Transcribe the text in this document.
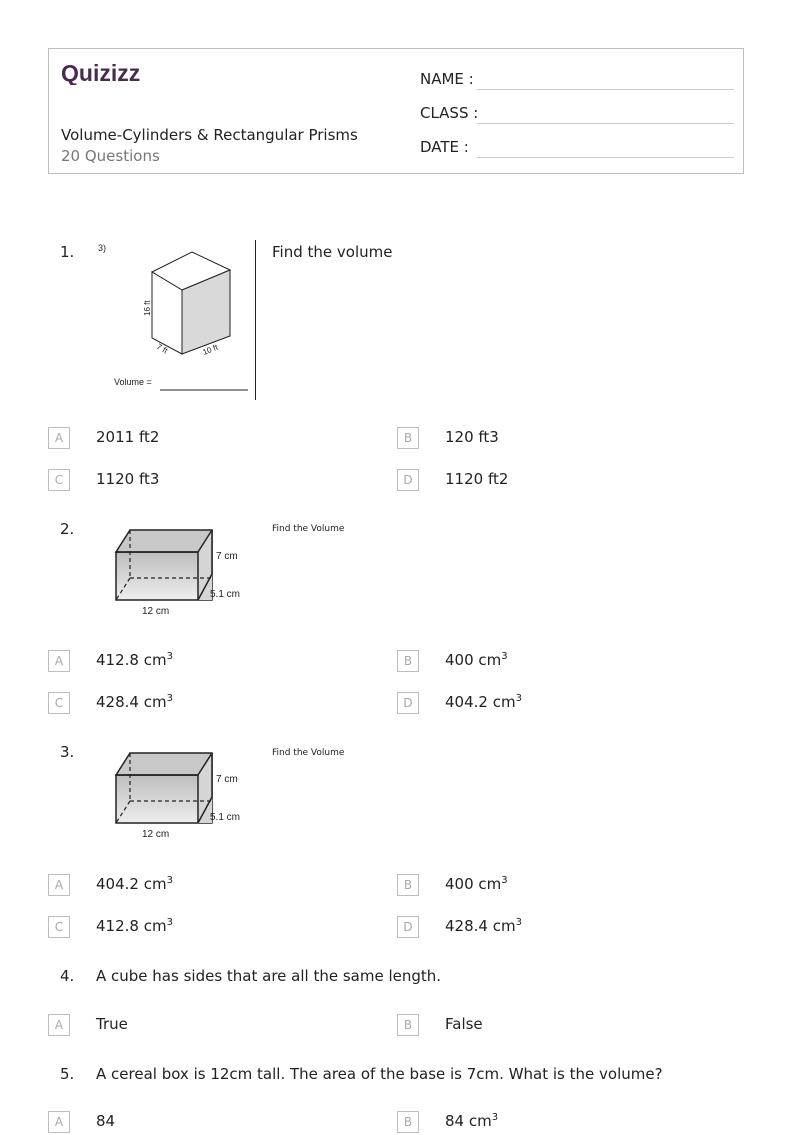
Quizizz
Volume-Cylinders & Rectangular Prisms
20 Questions
NAME :
CLASS :
DATE :
1.	3)
16 ft
7 ft	10 ft
Volume =
Find the volume
A	2011 ft2	B	120 ft3
C	1120 ft3	D	1120 ft2
2.
7 cm
5.1 cm
12 cm
Find the Volume
A	412.8 $cm^3$	B	400 $cm^3$
C	428.4 $cm^3$	D	404.2 $cm^3$
3.
7 cm
5.1 cm
12 cm
Find the Volume
A	404.2 $cm^3$	B	400 $cm^3$
C	412.8 $cm^3$	D	428.4 $cm^3$
4. A cube has sides that are all the same length.
A	True	B	False
5. A cereal box is 12cm tall. The area of the base is 7cm. What is the volume?
A	84	B	84 $cm^3$
